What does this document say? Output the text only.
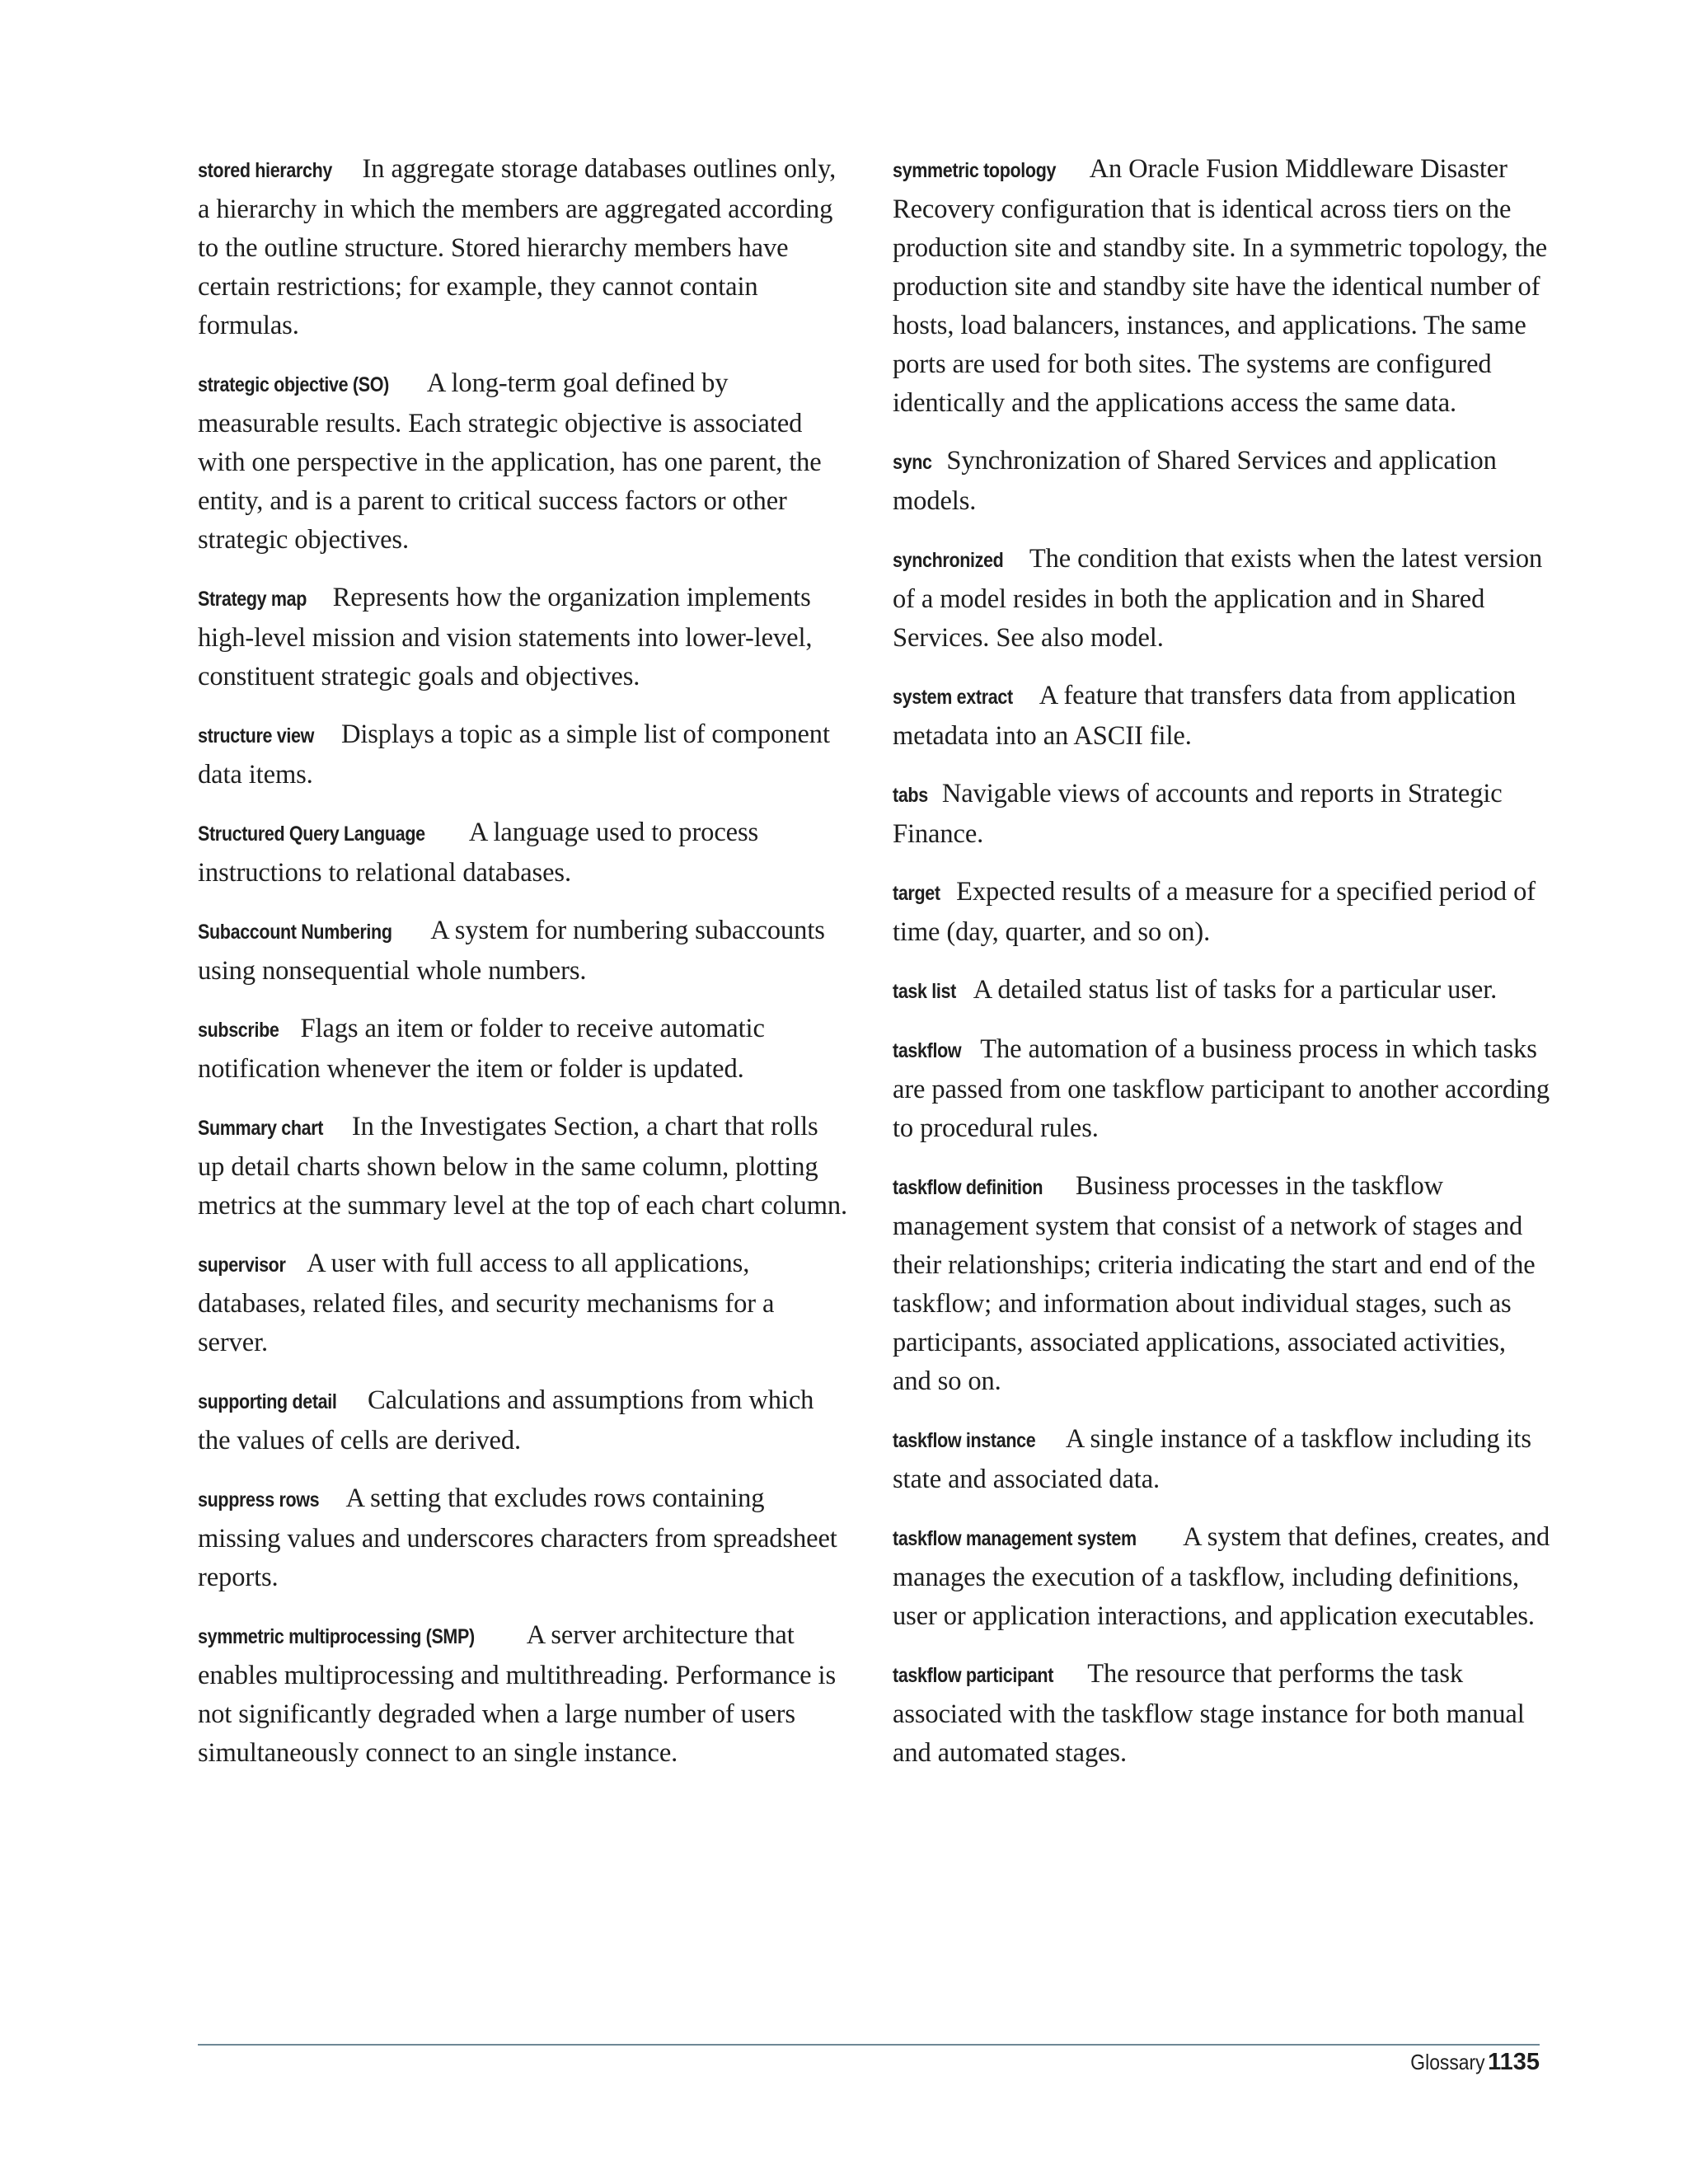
stored hierarchy In aggregate storage databases outlines only, a hierarchy in which the members are aggregated according to the outline structure. Stored hierarchy members have certain restrictions; for example, they cannot contain formulas.

strategic objective (SO) A long-term goal defined by measurable results. Each strategic objective is associated with one perspective in the application, has one parent, the entity, and is a parent to critical success factors or other strategic objectives.

Strategy map Represents how the organization implements high-level mission and vision statements into lower-level, constituent strategic goals and objectives.

structure view Displays a topic as a simple list of component data items.

Structured Query Language A language used to process instructions to relational databases.

Subaccount Numbering A system for numbering subaccounts using nonsequential whole numbers.

subscribe Flags an item or folder to receive automatic notification whenever the item or folder is updated.

Summary chart In the Investigates Section, a chart that rolls up detail charts shown below in the same column, plotting metrics at the summary level at the top of each chart column.

supervisor A user with full access to all applications, databases, related files, and security mechanisms for a server.

supporting detail Calculations and assumptions from which the values of cells are derived.

suppress rows A setting that excludes rows containing missing values and underscores characters from spreadsheet reports.

symmetric multiprocessing (SMP) A server architecture that enables multiprocessing and multithreading. Performance is not significantly degraded when a large number of users simultaneously connect to an single instance.

symmetric topology An Oracle Fusion Middleware Disaster Recovery configuration that is identical across tiers on the production site and standby site. In a symmetric topology, the production site and standby site have the identical number of hosts, load balancers, instances, and applications. The same ports are used for both sites. The systems are configured identically and the applications access the same data.

sync Synchronization of Shared Services and application models.

synchronized The condition that exists when the latest version of a model resides in both the application and in Shared Services. See also model.

system extract A feature that transfers data from application metadata into an ASCII file.

tabs Navigable views of accounts and reports in Strategic Finance.

target Expected results of a measure for a specified period of time (day, quarter, and so on).

task list A detailed status list of tasks for a particular user.

taskflow The automation of a business process in which tasks are passed from one taskflow participant to another according to procedural rules.

taskflow definition Business processes in the taskflow management system that consist of a network of stages and their relationships; criteria indicating the start and end of the taskflow; and information about individual stages, such as participants, associated applications, associated activities, and so on.

taskflow instance A single instance of a taskflow including its state and associated data.

taskflow management system A system that defines, creates, and manages the execution of a taskflow, including definitions, user or application interactions, and application executables.

taskflow participant The resource that performs the task associated with the taskflow stage instance for both manual and automated stages.

Glossary 1135
